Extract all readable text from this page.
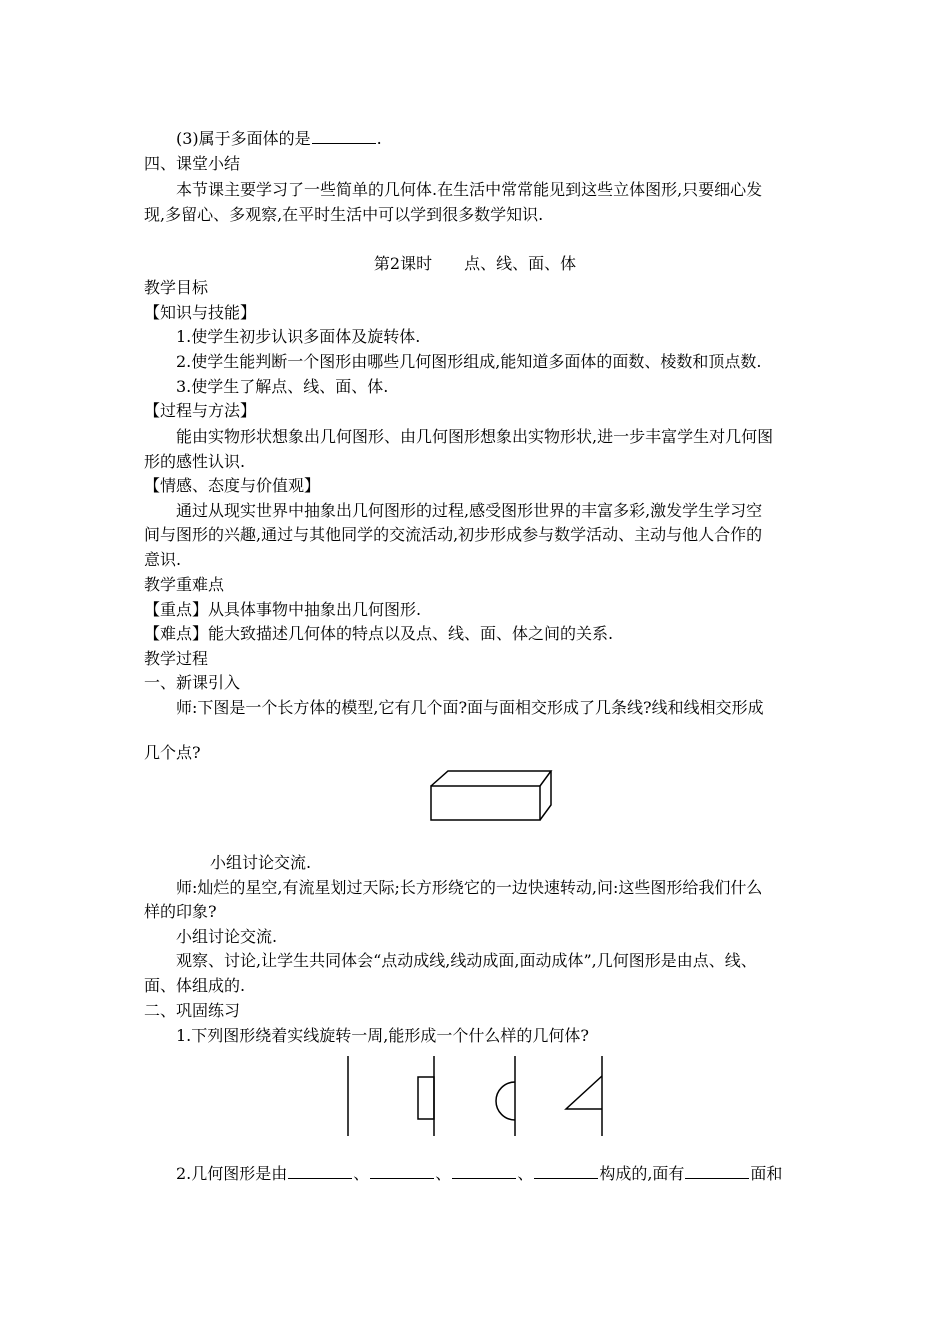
(3)属于多面体的是	.
四、课堂小结
本节课主要学习了一些简单的几何体.在生活中常常能见到这些立体图形,只要细心发
现,多留心、多观察,在平时生活中可以学到很多数学知识.
第2课时　　点、线、面、体
教学目标
【知识与技能】
1.使学生初步认识多面体及旋转体.
2.使学生能判断一个图形由哪些几何图形组成,能知道多面体的面数、棱数和顶点数.
3.使学生了解点、线、面、体.
【过程与方法】
能由实物形状想象出几何图形、由几何图形想象出实物形状,进一步丰富学生对几何图
形的感性认识.
【情感、态度与价值观】
通过从现实世界中抽象出几何图形的过程,感受图形世界的丰富多彩,激发学生学习空
间与图形的兴趣,通过与其他同学的交流活动,初步形成参与数学活动、主动与他人合作的
意识.
教学重难点
【重点】从具体事物中抽象出几何图形.
【难点】能大致描述几何体的特点以及点、线、面、体之间的关系.
教学过程
一、新课引入
师:下图是一个长方体的模型,它有几个面?面与面相交形成了几条线?线和线相交形成
几个点?
小组讨论交流.
师:灿烂的星空,有流星划过天际;长方形绕它的一边快速转动,问:这些图形给我们什么
样的印象?
小组讨论交流.
观察、讨论,让学生共同体会“点动成线,线动成面,面动成体”,几何图形是由点、线、
面、体组成的.
二、巩固练习
1.下列图形绕着实线旋转一周,能形成一个什么样的几何体?
2.几何图形是由	、	、	、	构成的,面有	面和
